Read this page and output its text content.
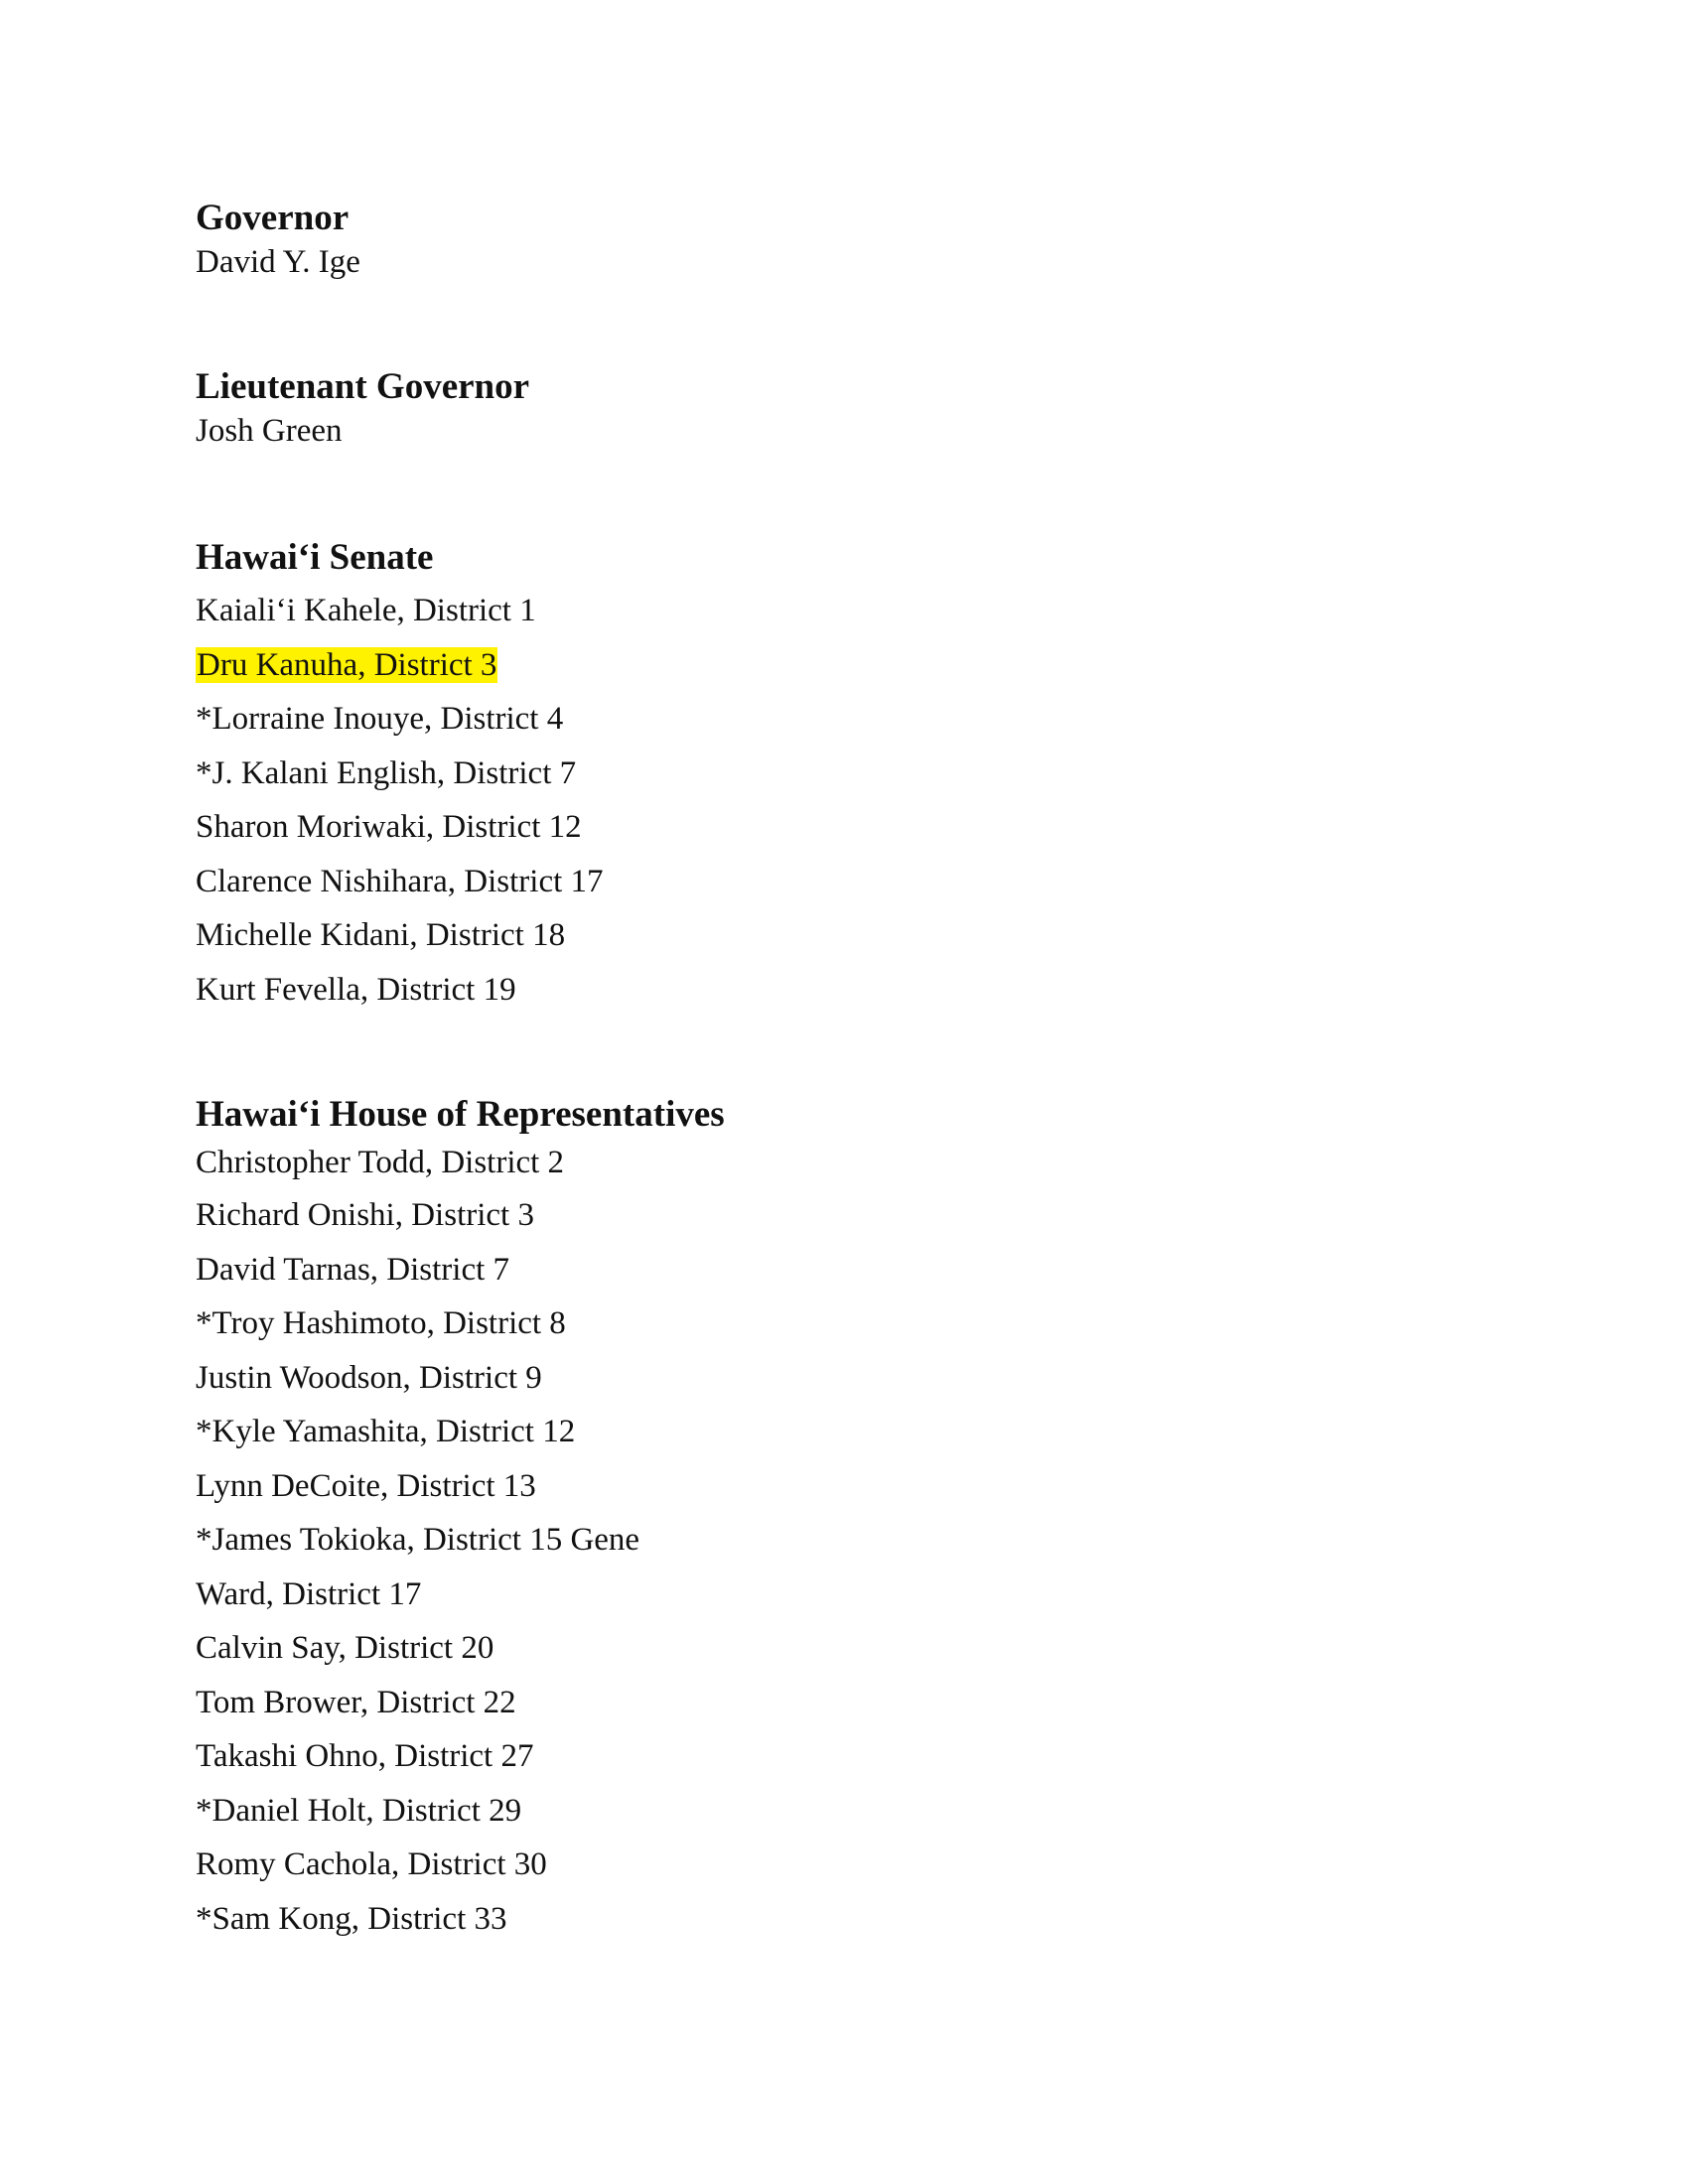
Governor
David Y. Ige
Lieutenant Governor
Josh Green
Hawai‘i Senate
Kaiali‘i Kahele, District 1
Dru Kanuha, District 3
*Lorraine Inouye, District 4
*J. Kalani English, District 7
Sharon Moriwaki, District 12
Clarence Nishihara, District 17
Michelle Kidani, District 18
Kurt Fevella, District 19
Hawai‘i House of Representatives
Christopher Todd, District 2
Richard Onishi, District 3
David Tarnas, District 7
*Troy Hashimoto, District 8
Justin Woodson, District 9
*Kyle Yamashita, District 12
Lynn DeCoite, District 13
*James Tokioka, District 15 Gene
Ward, District 17
Calvin Say, District 20
Tom Brower, District 22
Takashi Ohno, District 27
*Daniel Holt, District 29
Romy Cachola, District 30
*Sam Kong, District 33
